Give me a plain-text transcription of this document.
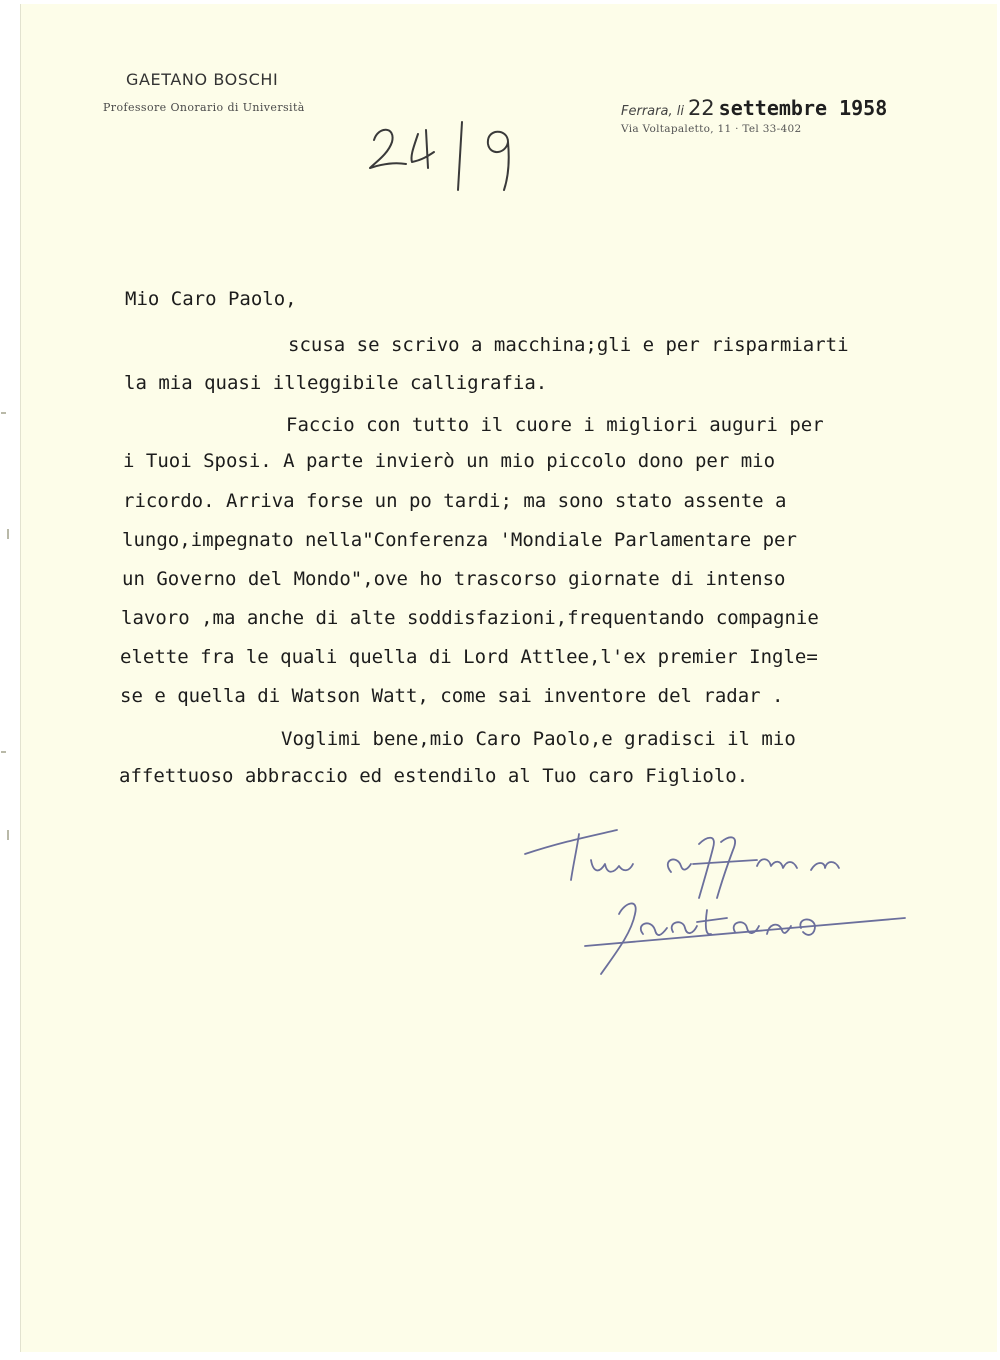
GAETANO BOSCHI
Professore Onorario di Università	Ferrara, li 22 settembre 1958
Via Voltapaletto, 11 · Tel 33-402
Mio Caro Paolo,
scusa se scrivo a macchina;gli e per risparmiarti
la mia quasi illeggibile calligrafia.
Faccio con tutto il cuore i migliori auguri per
i Tuoi Sposi. A parte invierò un mio piccolo dono per mio
ricordo. Arriva forse un po tardi; ma sono stato assente a
lungo,impegnato nella"Conferenza 'Mondiale Parlamentare per
un Governo del Mondo",ove ho trascorso giornate di intenso
lavoro ,ma anche di alte soddisfazioni,frequentando compagnie
elette fra le quali quella di Lord Attlee,l'ex premier Ingle=
se e quella di Watson Watt, come sai inventore del radar .
Voglimi bene,mio Caro Paolo,e gradisci il mio
affettuoso abbraccio ed estendilo al Tuo caro Figliolo.
